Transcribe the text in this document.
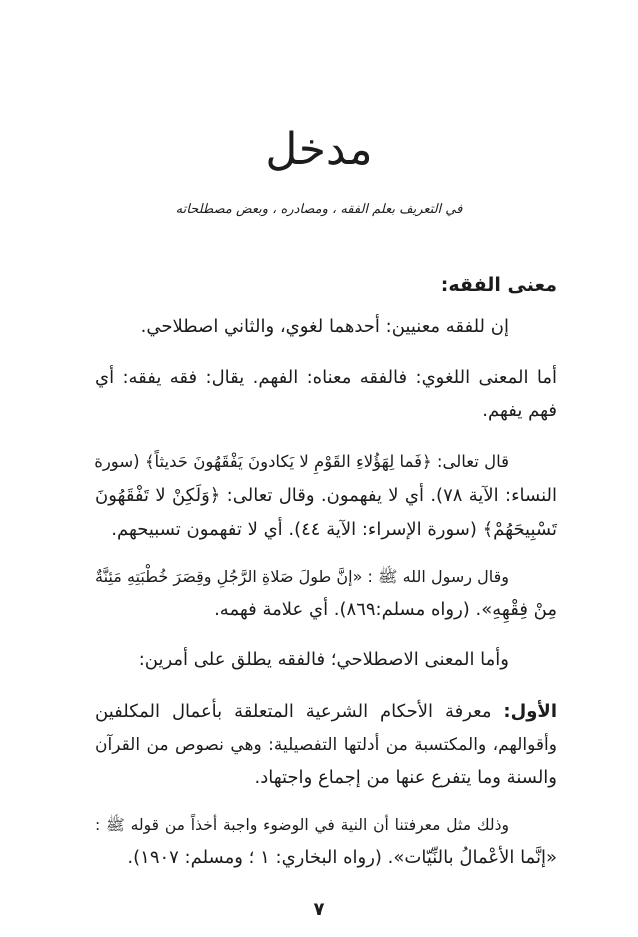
مدخل
في التعريف بعلم الفقه ، ومصادره ، وبعض مصطلحاته
معنى الفقه:
إن للفقه معنيين: أحدهما لغوي، والثاني اصطلاحي.
أما المعنى اللغوي: فالفقه معناه: الفهم. يقال: فقه يفقه: أي
فهم يفهم.
قال تعالى: ﴿فَما لِهَؤُلاءِ القَوْمِ لا يَكادونَ يَفْقَهُونَ حَديثاً﴾ (سورة
النساء: الآية ٧٨). أي لا يفهمون. وقال تعالى: ﴿وَلَكِنْ لا تَفْقَهُونَ
تَسْبِيحَهُمْ﴾ (سورة الإسراء: الآية ٤٤). أي لا تفهمون تسبيحهم.
وقال رسول الله ﷺ : «إنَّ طولَ صَلاةِ الرَّجُلِ وقِصَرَ خُطْبَتِهِ مَئِنَّةٌ
مِنْ فِقْهِهِ». (رواه مسلم:٨٦٩). أي علامة فهمه.
وأما المعنى الاصطلاحي؛ فالفقه يطلق على أمرين:
الأول: معرفة الأحكام الشرعية المتعلقة بأعمال المكلفين
وأقوالهم، والمكتسبة من أدلتها التفصيلية: وهي نصوص من القرآن
والسنة وما يتفرع عنها من إجماع واجتهاد.
وذلك مثل معرفتنا أن النية في الوضوء واجبة أخذاً من قوله ﷺ :
«إنَّما الأعْمالُ بالنِّيّات». (رواه البخاري: ١ ؛ ومسلم: ١٩٠٧).
٧
